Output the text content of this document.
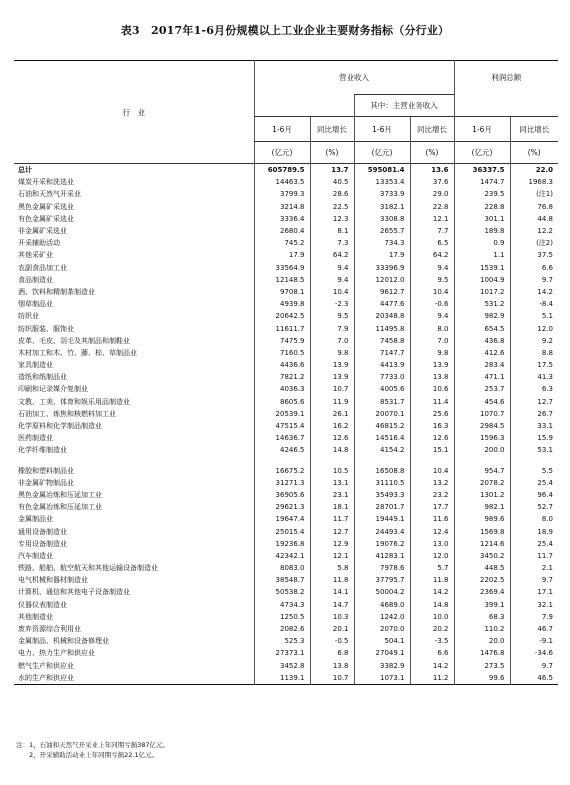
表3　2017年1-6月份规模以上工业企业主要财务指标（分行业）
行　业	营业收入				利润总额	
			其中：主营业务收入			
	1-6月	同比增长	1-6月	同比增长	1-6月	同比增长
	(亿元)	(%)	(亿元)	(%)	(亿元)	(%)
总计	605789.5	13.7	595081.4	13.6	36337.5	22.0
煤炭开采和洗选业	14463.5	40.5	13353.4	37.6	1474.7	1968.3
石油和天然气开采业	3799.3	28.6	3733.9	29.0	239.5	(注1)
黑色金属矿采选业	3214.8	22.5	3182.1	22.8	228.8	76.8
有色金属矿采选业	3336.4	12.3	3308.8	12.1	301.1	44.8
非金属矿采选业	2680.4	8.1	2655.7	7.7	189.8	12.2
开采辅助活动	745.2	7.3	734.3	6.5	0.9	(注2)
其他采矿业	17.9	64.2	17.9	64.2	1.1	37.5
农副食品加工业	33564.9	9.4	33396.9	9.4	1539.1	6.6
食品制造业	12148.5	9.4	12012.0	9.5	1004.9	9.7
酒、饮料和精制茶制造业	9708.1	10.4	9612.7	10.4	1017.2	14.2
烟草制品业	4939.8	-2.3	4477.6	-0.6	531.2	-8.4
纺织业	20642.5	9.5	20348.8	9.4	982.9	5.1
纺织服装、服饰业	11611.7	7.9	11495.8	8.0	654.5	12.0
皮革、毛皮、羽毛及其制品和制鞋业	7475.9	7.0	7458.8	7.0	436.8	9.2
木材加工和木、竹、藤、棕、草制品业	7160.5	9.8	7147.7	9.8	412.6	8.8
家具制造业	4436.6	13.9	4413.9	13.9	283.4	17.5
造纸和纸制品业	7821.2	13.9	7733.0	13.8	471.1	41.3
印刷和记录媒介复制业	4036.3	10.7	4005.6	10.6	253.7	6.3
文教、工美、体育和娱乐用品制造业	8605.6	11.9	8531.7	11.4	454.6	12.7
石油加工、炼焦和核燃料加工业	20539.1	26.1	20070.1	25.6	1070.7	26.7
化学原料和化学制品制造业	47515.4	16.2	46815.2	16.3	2984.5	33.1
医药制造业	14636.7	12.6	14516.4	12.6	1596.3	15.9
化学纤维制造业	4246.5	14.8	4154.2	15.1	200.0	53.1

橡胶和塑料制品业	16675.2	10.5	16508.8	10.4	954.7	5.5
非金属矿物制品业	31271.3	13.1	31110.5	13.2	2078.2	25.4
黑色金属冶炼和压延加工业	36905.6	23.1	35493.3	23.2	1301.2	96.4
有色金属冶炼和压延加工业	29621.3	18.1	28701.7	17.7	982.1	52.7
金属制品业	19647.4	11.7	19449.1	11.6	989.6	8.0
通用设备制造业	25015.4	12.7	24493.4	12.4	1569.8	18.9
专用设备制造业	19236.8	12.9	19076.2	13.0	1214.6	25.4
汽车制造业	42342.1	12.1	41283.1	12.0	3450.2	11.7
铁路、船舶、航空航天和其他运输设备制造业	8083.0	5.8	7978.6	5.7	448.5	2.1
电气机械和器材制造业	38548.7	11.8	37795.7	11.8	2202.5	9.7
计算机、通信和其他电子设备制造业	50538.2	14.1	50004.2	14.2	2369.4	17.1
仪器仪表制造业	4734.3	14.7	4689.0	14.8	399.1	32.1
其他制造业	1250.5	10.3	1242.0	10.0	68.3	7.9
废弃资源综合利用业	2082.6	20.1	2070.0	20.2	110.2	46.7
金属制品、机械和设备修理业	525.3	-0.5	504.1	-3.5	20.0	-9.1
电力、热力生产和供应业	27373.1	6.8	27049.1	6.6	1476.8	-34.6
燃气生产和供应业	3452.8	13.8	3382.9	14.2	273.5	9.7
水的生产和供应业	1139.1	10.7	1073.1	11.2	99.6	46.5
注：1、石油和天然气开采业上年同期亏损387亿元。
　　2、开采辅助活动业上年同期亏损22.1亿元。
